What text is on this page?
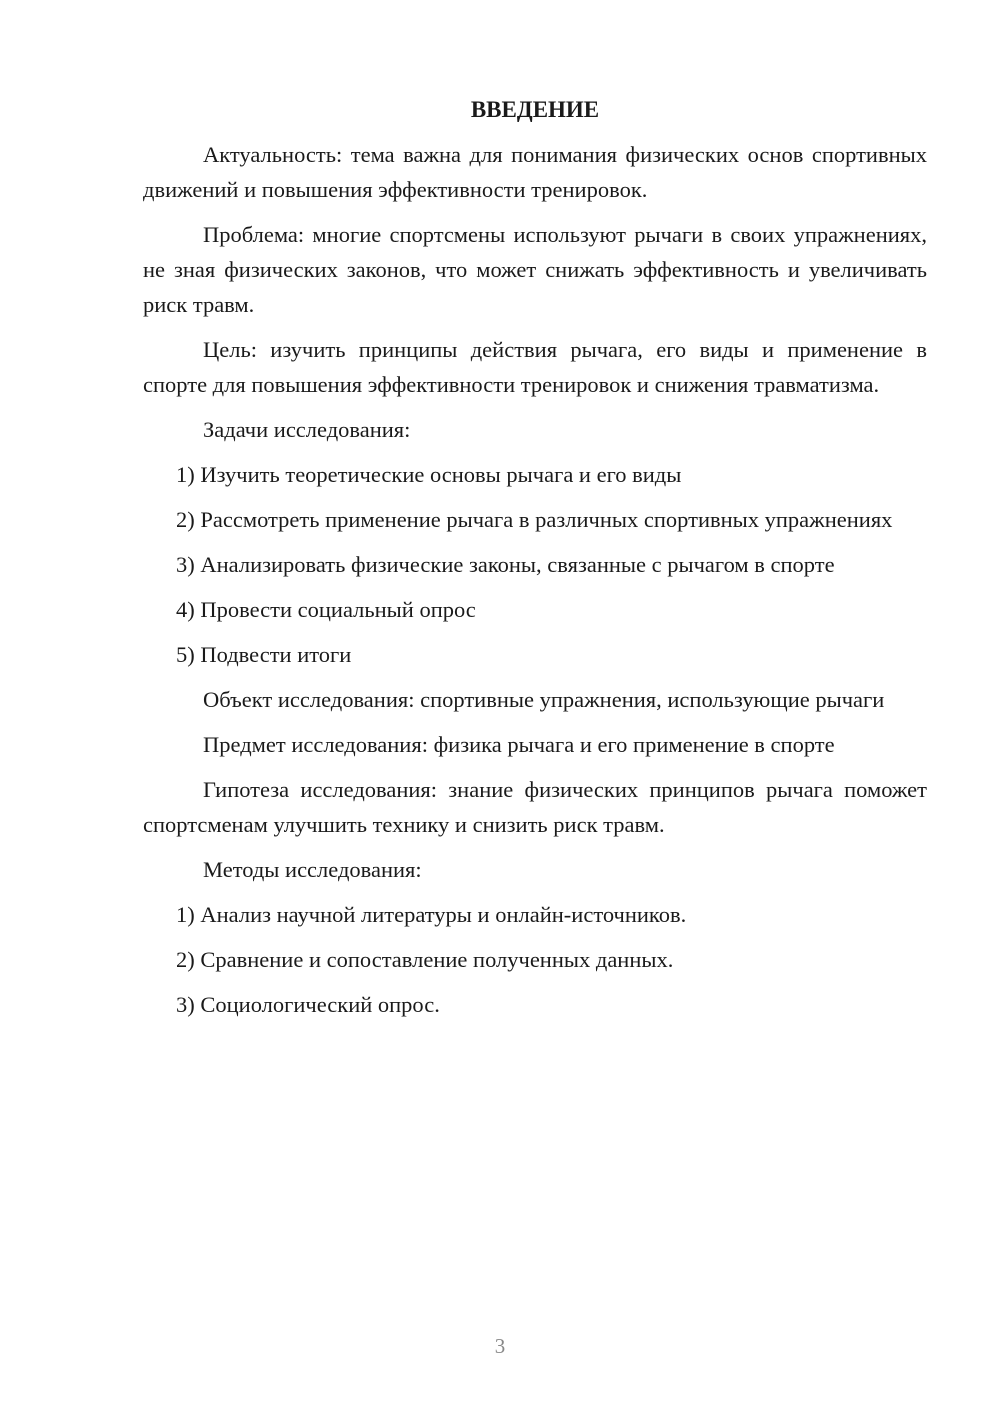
ВВЕДЕНИЕ

Актуальность: тема важна для понимания физических основ спортивных движений и повышения эффективности тренировок.

Проблема: многие спортсмены используют рычаги в своих упражнениях, не зная физических законов, что может снижать эффективность и увеличивать риск травм.

Цель: изучить принципы действия рычага, его виды и применение в спорте для повышения эффективности тренировок и снижения травматизма.

Задачи исследования:

1) Изучить теоретические основы рычага и его виды

2) Рассмотреть применение рычага в различных спортивных упражнениях

3) Анализировать физические законы, связанные с рычагом в спорте

4) Провести социальный опрос

5) Подвести итоги

Объект исследования: спортивные упражнения, использующие рычаги

Предмет исследования: физика рычага и его применение в спорте

Гипотеза исследования: знание физических принципов рычага поможет спортсменам улучшить технику и снизить риск травм.

Методы исследования:

1) Анализ научной литературы и онлайн-источников.

2) Сравнение и сопоставление полученных данных.

3) Социологический опрос.

3
